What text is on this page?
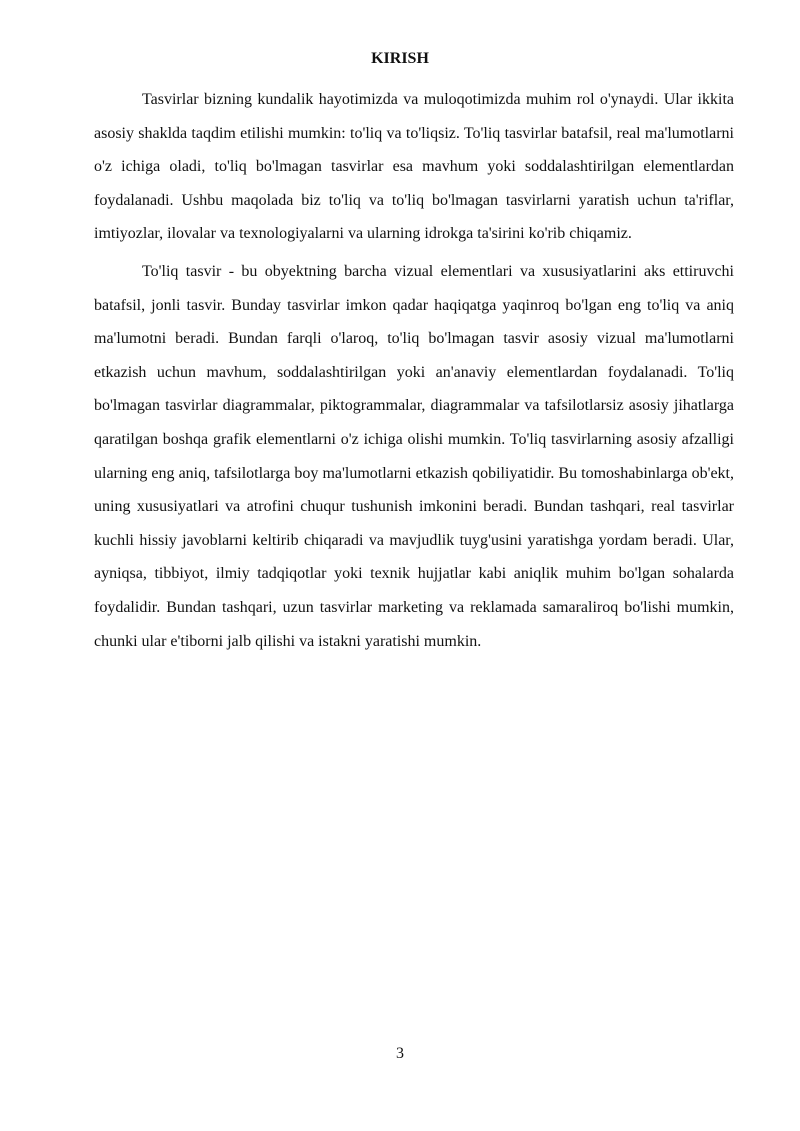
KIRISH

Tasvirlar bizning kundalik hayotimizda va muloqotimizda muhim rol o'ynaydi. Ular ikkita asosiy shaklda taqdim etilishi mumkin: to'liq va to'liqsiz. To'liq tasvirlar batafsil, real ma'lumotlarni o'z ichiga oladi, to'liq bo'lmagan tasvirlar esa mavhum yoki soddalashtirilgan elementlardan foydalanadi. Ushbu maqolada biz to'liq va to'liq bo'lmagan tasvirlarni yaratish uchun ta'riflar, imtiyozlar, ilovalar va texnologiyalarni va ularning idrokga ta'sirini ko'rib chiqamiz.

To'liq tasvir - bu obyektning barcha vizual elementlari va xususiyatlarini aks ettiruvchi batafsil, jonli tasvir. Bunday tasvirlar imkon qadar haqiqatga yaqinroq bo'lgan eng to'liq va aniq ma'lumotni beradi. Bundan farqli o'laroq, to'liq bo'lmagan tasvir asosiy vizual ma'lumotlarni etkazish uchun mavhum, soddalashtirilgan yoki an'anaviy elementlardan foydalanadi. To'liq bo'lmagan tasvirlar diagrammalar, piktogrammalar, diagrammalar va tafsilotlarsiz asosiy jihatlarga qaratilgan boshqa grafik elementlarni o'z ichiga olishi mumkin. To'liq tasvirlarning asosiy afzalligi ularning eng aniq, tafsilotlarga boy ma'lumotlarni etkazish qobiliyatidir. Bu tomoshabinlarga ob'ekt, uning xususiyatlari va atrofini chuqur tushunish imkonini beradi. Bundan tashqari, real tasvirlar kuchli hissiy javoblarni keltirib chiqaradi va mavjudlik tuyg'usini yaratishga yordam beradi. Ular, ayniqsa, tibbiyot, ilmiy tadqiqotlar yoki texnik hujjatlar kabi aniqlik muhim bo'lgan sohalarda foydalidir. Bundan tashqari, uzun tasvirlar marketing va reklamada samaraliroq bo'lishi mumkin, chunki ular e'tiborni jalb qilishi va istakni yaratishi mumkin.

3
